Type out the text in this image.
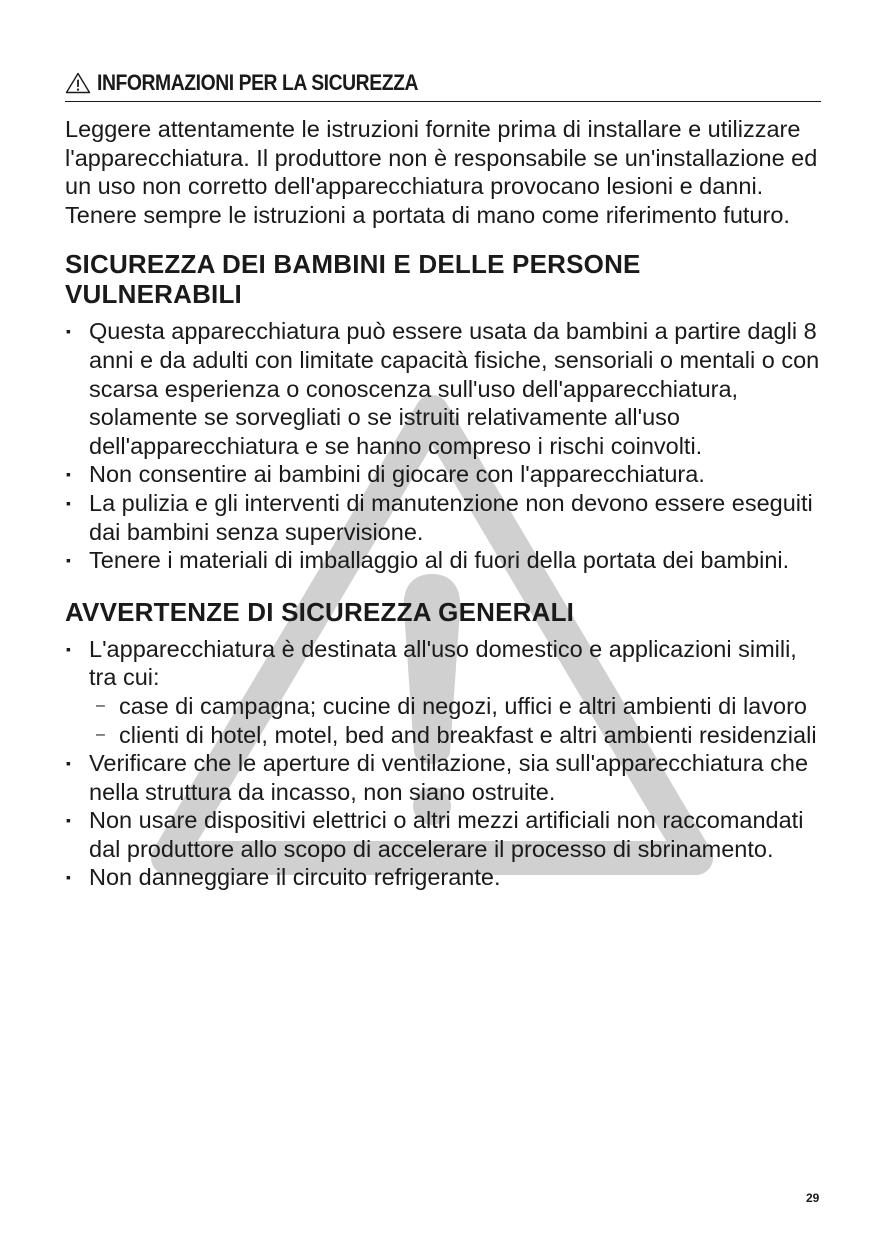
INFORMAZIONI PER LA SICUREZZA

Leggere attentamente le istruzioni fornite prima di installare e utilizzare l'apparecchiatura. Il produttore non è responsabile se un'installazione ed un uso non corretto dell'apparecchiatura provocano lesioni e danni. Tenere sempre le istruzioni a portata di mano come riferimento futuro.

SICUREZZA DEI BAMBINI E DELLE PERSONE VULNERABILI
▪ Questa apparecchiatura può essere usata da bambini a partire dagli 8 anni e da adulti con limitate capacità fisiche, sensoriali o mentali o con scarsa esperienza o conoscenza sull'uso dell'apparecchiatura, solamente se sorvegliati o se istruiti relativamente all'uso dell'apparecchiatura e se hanno compreso i rischi coinvolti.
▪ Non consentire ai bambini di giocare con l'apparecchiatura.
▪ La pulizia e gli interventi di manutenzione non devono essere eseguiti dai bambini senza supervisione.
▪ Tenere i materiali di imballaggio al di fuori della portata dei bambini.
AVVERTENZE DI SICUREZZA GENERALI
▪ L'apparecchiatura è destinata all'uso domestico e applicazioni simili, tra cui:
– case di campagna; cucine di negozi, uffici e altri ambienti di lavoro
– clienti di hotel, motel, bed and breakfast e altri ambienti residenziali
▪ Verificare che le aperture di ventilazione, sia sull'apparecchiatura che nella struttura da incasso, non siano ostruite.
▪ Non usare dispositivi elettrici o altri mezzi artificiali non raccomandati dal produttore allo scopo di accelerare il processo di sbrinamento.
▪ Non danneggiare il circuito refrigerante.
29
